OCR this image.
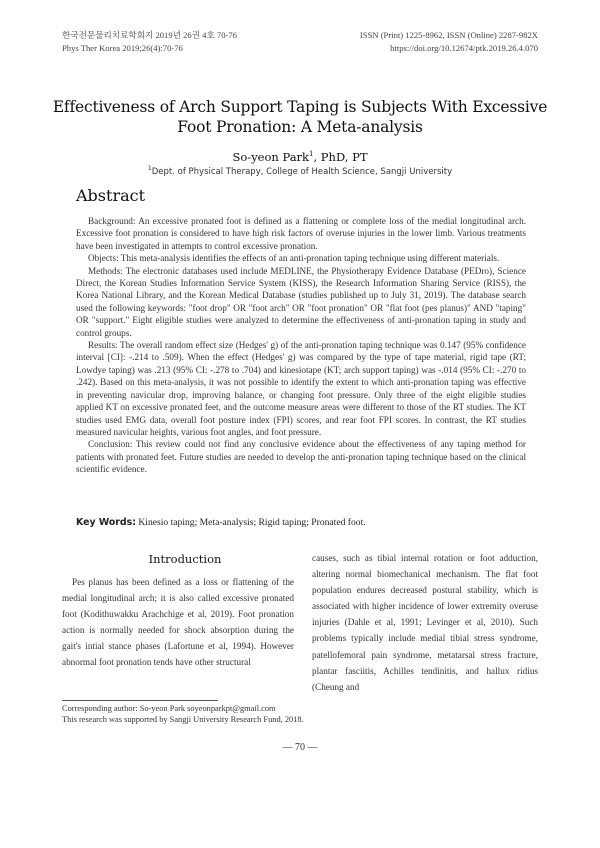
한국전문물리치료학회지 2019년 26권 4호 70-76
Phys Ther Korea 2019;26(4):70-76
ISSN (Print) 1225-8962, ISSN (Online) 2287-982X
https://doi.org/10.12674/ptk.2019.26.4.070
Effectiveness of Arch Support Taping is Subjects With Excessive Foot Pronation: A Meta-analysis
So-yeon Park$^1$, PhD, PT
$^1$Dept. of Physical Therapy, College of Health Science, Sangji University
Abstract

Background: An excessive pronated foot is defined as a flattening or complete loss of the medial longitudinal arch. Excessive foot pronation is considered to have high risk factors of overuse injuries in the lower limb. Various treatments have been investigated in attempts to control excessive pronation.

Objects: This meta-analysis identifies the effects of an anti-pronation taping technique using different materials.

Methods: The electronic databases used include MEDLINE, the Physiotherapy Evidence Database (PEDro), Science Direct, the Korean Studies Information Service System (KISS), the Research Information Sharing Service (RISS), the Korea National Library, and the Korean Medical Database (studies published up to July 31, 2019). The database search used the following keywords: "foot drop" OR "foot arch" OR "foot pronation" OR "flat foot (pes planus)" AND "taping" OR "support." Eight eligible studies were analyzed to determine the effectiveness of anti-pronation taping in study and control groups.

Results: The overall random effect size (Hedges' g) of the anti-pronation taping technique was 0.147 (95% confidence interval [CI]: -.214 to .509). When the effect (Hedges' g) was compared by the type of tape material, rigid tape (RT; Lowdye taping) was .213 (95% CI: -.278 to .704) and kinesiotape (KT; arch support taping) was -.014 (95% CI: -.270 to .242). Based on this meta-analysis, it was not possible to identify the extent to which anti-pronation taping was effective in preventing navicular drop, improving balance, or changing foot pressure. Only three of the eight eligible studies applied KT on excessive pronated feet, and the outcome measure areas were different to those of the RT studies. The KT studies used EMG data, overall foot posture index (FPI) scores, and rear foot FPI scores. In contrast, the RT studies measured navicular heights, various foot angles, and foot pressure.

Conclusion: This review could not find any conclusive evidence about the effectiveness of any taping method for patients with pronated feet. Future studies are needed to develop the anti-pronation taping technique based on the clinical scientific evidence.

Key Words: Kinesio taping; Meta-analysis; Rigid taping; Pronated foot.
Introduction
Pes planus has been defined as a loss or flattening of the medial longitudinal arch; it is also called excessive pronated foot (Kodithuwakku Arachchige et al, 2019). Foot pronation action is normally needed for shock absorption during the gait's intial stance phases (Lafortune et al, 1994). However abnormal foot pronation tends have other structural
causes, such as tibial internal rotation or foot adduction, altering normal biomechanical mechanism. The flat foot population endures decreased postural stability, which is associated with higher incidence of lower extremity overuse injuries (Dahle et al, 1991; Levinger et al, 2010). Such problems typically include medial tibial stress syndrome, patellofemoral pain syndrome, metatarsal stress fracture, plantar fasciitis, Achilles tendinitis, and hallux ridius (Cheung and
Corresponding author: So-yeon Park soyeonparkpt@gmail.com
This research was supported by Sangji University Research Fund, 2018.
― 70 ―
